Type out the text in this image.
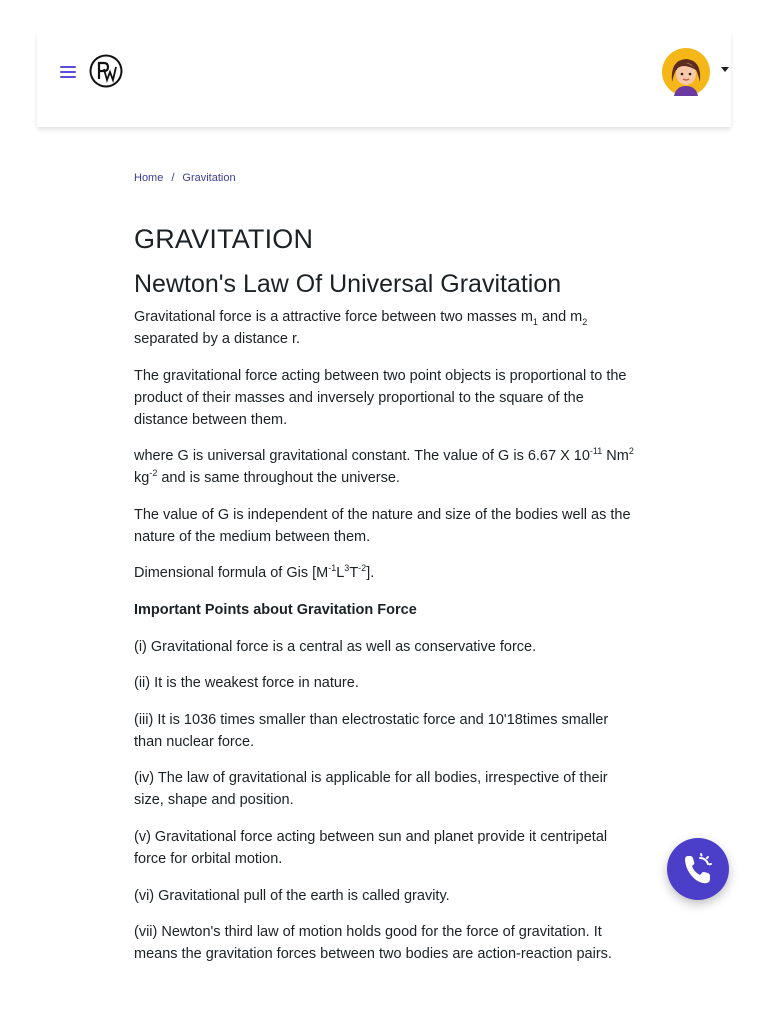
Home / Gravitation
GRAVITATION
Newton's Law Of Universal Gravitation

Gravitational force is a attractive force between two masses $m_1$ and $m_2$ separated by a distance r.

The gravitational force acting between two point objects is proportional to the product of their masses and inversely proportional to the square of the distance between them.

where G is universal gravitational constant. The value of G is 6.67 X $10^{-11}$ Nm$^2$ $kg^{-2}$ and is same throughout the universe.

The value of G is independent of the nature and size of the bodies well as the nature of the medium between them.

Dimensional formula of Gis $[M^{-1}L^3T^{-2}]$.

Important Points about Gravitation Force

(i) Gravitational force is a central as well as conservative force.

(ii) It is the weakest force in nature.

(iii) It is 1036 times smaller than electrostatic force and 10'18times smaller than nuclear force.

(iv) The law of gravitational is applicable for all bodies, irrespective of their size, shape and position.

(v) Gravitational force acting between sun and planet provide it centripetal force for orbital motion.

(vi) Gravitational pull of the earth is called gravity.

(vii) Newton's third law of motion holds good for the force of gravitation. It means the gravitation forces between two bodies are action-reaction pairs.
